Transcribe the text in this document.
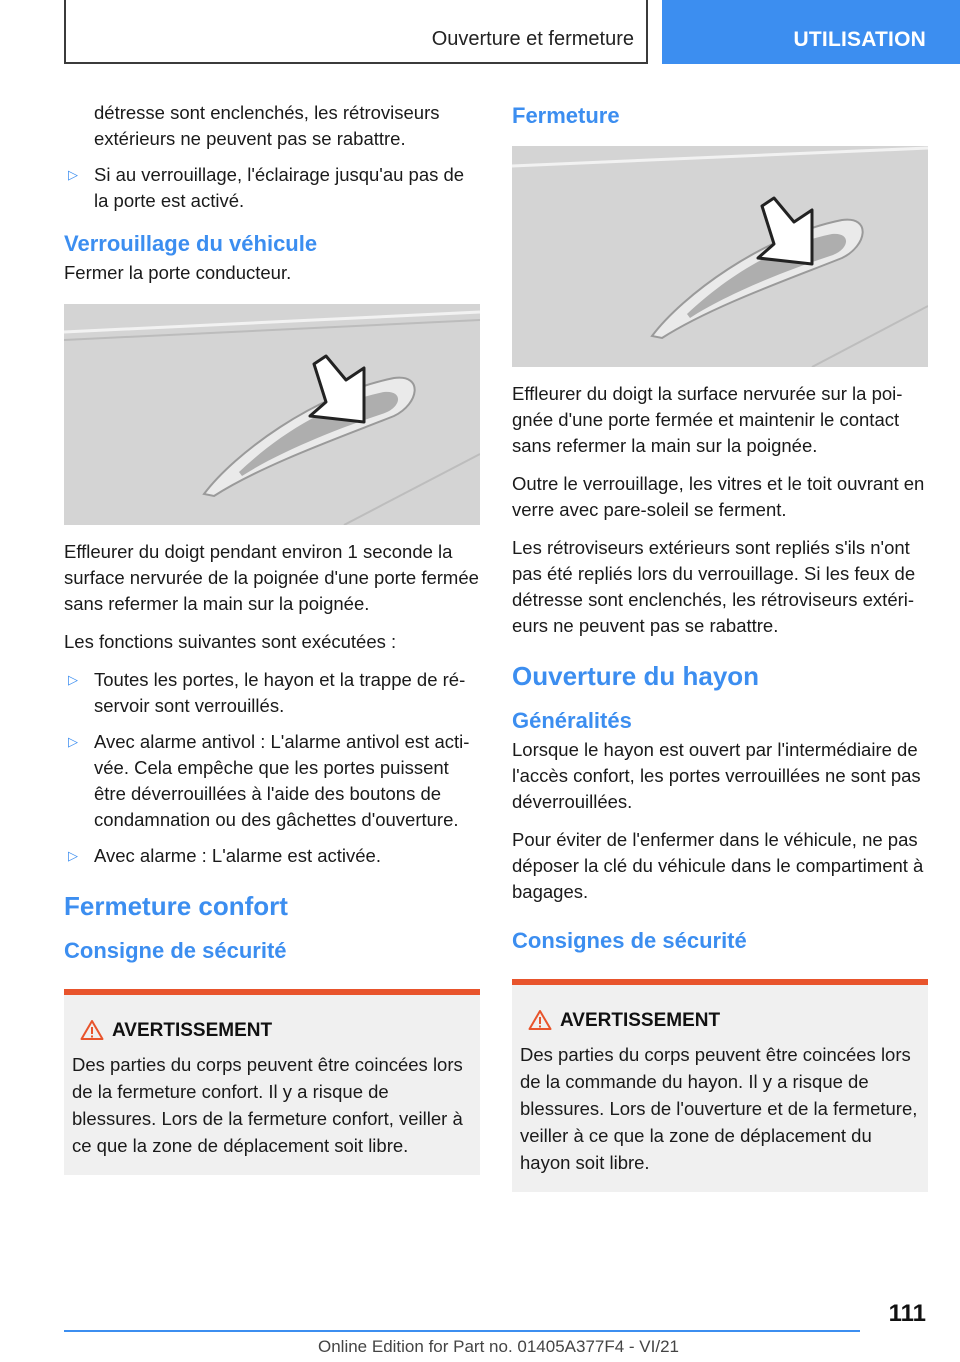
Ouverture et fermeture	UTILISATION

détresse sont enclenchés, les rétroviseurs extérieurs ne peuvent pas se rabattre.

▷ Si au verrouillage, l'éclairage jusqu'au pas de la porte est activé.
Verrouillage du véhicule

Fermer la porte conducteur.

Effleurer du doigt pendant environ 1 seconde la surface nervurée de la poignée d'une porte fermée sans refermer la main sur la poignée.

Les fonctions suivantes sont exécutées :

▷ Toutes les portes, le hayon et la trappe de réservoir sont verrouillés.
▷ Avec alarme antivol : L'alarme antivol est activée. Cela empêche que les portes puissent être déverrouillées à l'aide des boutons de condamnation ou des gâchettes d'ouverture.
▷ Avec alarme : L'alarme est activée.
Fermeture confort
Consigne de sécurité
AVERTISSEMENT

Des parties du corps peuvent être coincées lors de la fermeture confort. Il y a risque de blessures. Lors de la fermeture confort, veiller à ce que la zone de déplacement soit libre.

Fermeture

Effleurer du doigt la surface nervurée sur la poignée d'une porte fermée et maintenir le contact sans refermer la main sur la poignée.

Outre le verrouillage, les vitres et le toit ouvrant en verre avec pare-soleil se ferment.

Les rétroviseurs extérieurs sont repliés s'ils n'ont pas été repliés lors du verrouillage. Si les feux de détresse sont enclenchés, les rétroviseurs extérieurs ne peuvent pas se rabattre.

Ouverture du hayon
Généralités

Lorsque le hayon est ouvert par l'intermédiaire de l'accès confort, les portes verrouillées ne sont pas déverrouillées.

Pour éviter de l'enfermer dans le véhicule, ne pas déposer la clé du véhicule dans le compartiment à bagages.

Consignes de sécurité
AVERTISSEMENT

Des parties du corps peuvent être coincées lors de la commande du hayon. Il y a risque de blessures. Lors de l'ouverture et de la fermeture, veiller à ce que la zone de déplacement du hayon soit libre.

111
Online Edition for Part no. 01405A377F4 - VI/21
